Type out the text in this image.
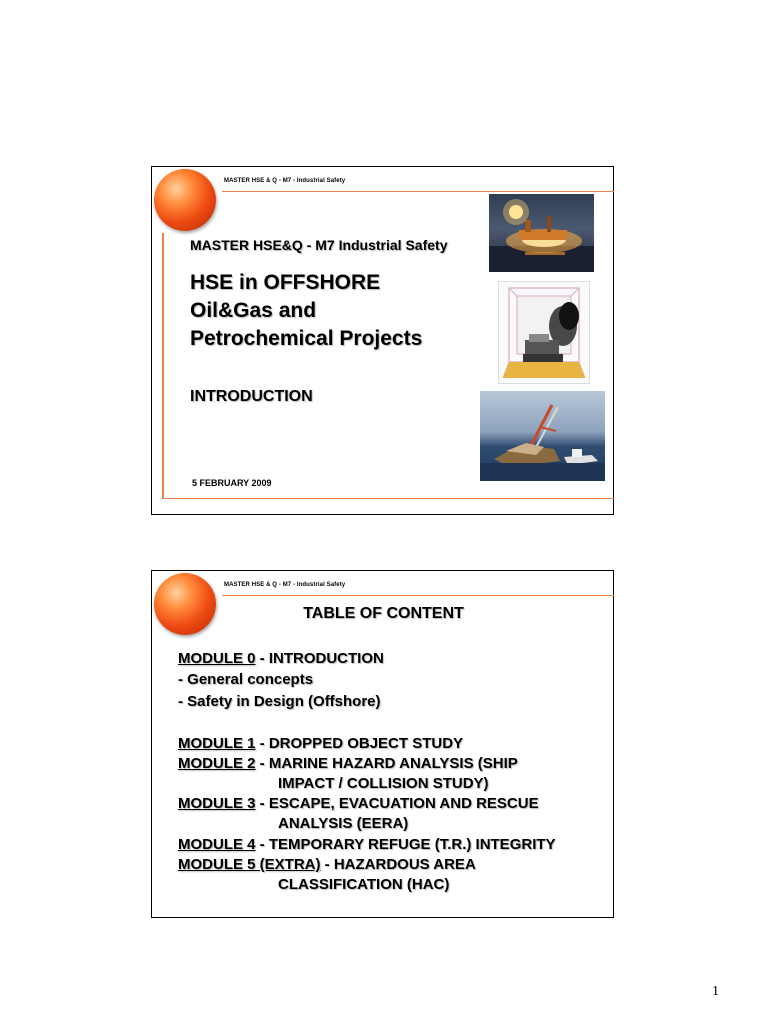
MASTER HSE & Q - M7 - Industrial Safety
MASTER HSE&Q - M7 Industrial Safety
HSE in OFFSHORE
Oil&Gas and
Petrochemical Projects
INTRODUCTION
5 FEBRUARY 2009
MASTER HSE & Q - M7 - Industrial Safety
TABLE OF CONTENT
MODULE 0 - INTRODUCTION
- General concepts
- Safety in Design (Offshore)
MODULE 1 - DROPPED OBJECT STUDY
MODULE 2 - MARINE HAZARD ANALYSIS (SHIP
IMPACT / COLLISION STUDY)
MODULE 3 - ESCAPE, EVACUATION AND RESCUE
ANALYSIS (EERA)
MODULE 4 - TEMPORARY REFUGE (T.R.) INTEGRITY
MODULE 5 (EXTRA) - HAZARDOUS AREA
CLASSIFICATION (HAC)
1
